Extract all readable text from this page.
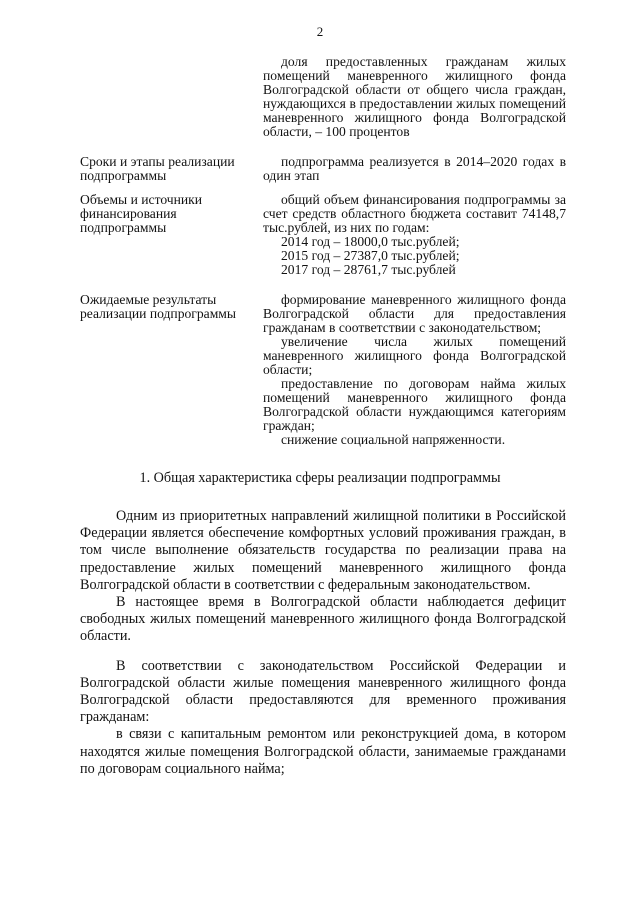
2

доля предоставленных гражданам жилых помещений маневренного жилищного фонда Волгоградской области от общего числа граждан, нуждающихся в предоставлении жилых помещений маневренного жилищного фонда Волгоградской области, – 100 процентов

Сроки и этапы реализации подпрограммы

подпрограмма реализуется в 2014–2020 годах в один этап

Объемы и источники финансирования подпрограммы

общий объем финансирования подпрограммы за счет средств областного бюджета составит 74148,7 тыс.рублей, из них по годам:

2014 год – 18000,0 тыс.рублей;

2015 год – 27387,0 тыс.рублей;

2017 год – 28761,7 тыс.рублей

Ожидаемые результаты реализации подпрограммы

формирование маневренного жилищного фонда Волгоградской области для предоставления гражданам в соответствии с законодательством;

увеличение числа жилых помещений маневренного жилищного фонда Волгоградской области;

предоставление по договорам найма жилых помещений маневренного жилищного фонда Волгоградской области нуждающимся категориям граждан;

снижение социальной напряженности.

1. Общая характеристика сферы реализации подпрограммы

Одним из приоритетных направлений жилищной политики в Российской Федерации является обеспечение комфортных условий проживания граждан, в том числе выполнение обязательств государства по реализации права на предоставление жилых помещений маневренного жилищного фонда Волгоградской области в соответствии с федеральным законодательством.

В настоящее время в Волгоградской области наблюдается дефицит свободных жилых помещений маневренного жилищного фонда Волгоградской области.

В соответствии с законодательством Российской Федерации и Волгоградской области жилые помещения маневренного жилищного фонда Волгоградской области предоставляются для временного проживания гражданам:

в связи с капитальным ремонтом или реконструкцией дома, в котором находятся жилые помещения Волгоградской области, занимаемые гражданами по договорам социального найма;
